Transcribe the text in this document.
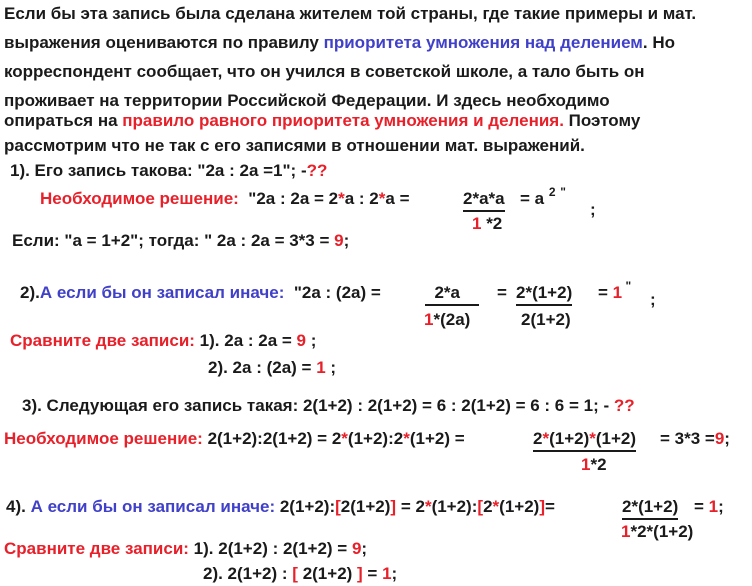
Если бы эта запись была сделана жителем той страны, где такие примеры и мат.
выражения оцениваются по правилу приоритета умножения над делением. Но
корреспондент сообщает, что он учился в советской школе, а тало быть он
проживает на территории Российской Федерации. И здесь необходимо
опираться на правило равного приоритета умножения и деления. Поэтому
рассмотрим что не так с его записями в отношении мат. выражений.
1). Его запись такова: "2a : 2a =1"; -??
Необходимое решение: "2a : 2a = 2*a : 2*a =	2*a*a = a $^2$ "
;
1 *2
Если: "a = 1+2"; тогда: " 2a : 2a = 3*3 = 9;
2).А если бы он записал иначе: "2a : (2a) =	2*a	= 2*(1+2) = 1 "
;
1*(2a)	2(1+2)
Сравните две записи: 1). 2a : 2a = 9 ;
2). 2a : (2a) = 1 ;
3). Следующая его запись такая: 2(1+2) : 2(1+2) = 6 : 2(1+2) = 6 : 6 = 1; - ??
Необходимое решение: 2(1+2):2(1+2) = 2*(1+2):2*(1+2) =	2*(1+2)*(1+2) = 3*3 =9;
1*2
4). А если бы он записал иначе: 2(1+2):[2(1+2)] = 2*(1+2):[2*(1+2)]=	2*(1+2) = 1;
1*2*(1+2)
Сравните две записи: 1). 2(1+2) : 2(1+2) = 9;
2). 2(1+2) : [ 2(1+2) ] = 1;
